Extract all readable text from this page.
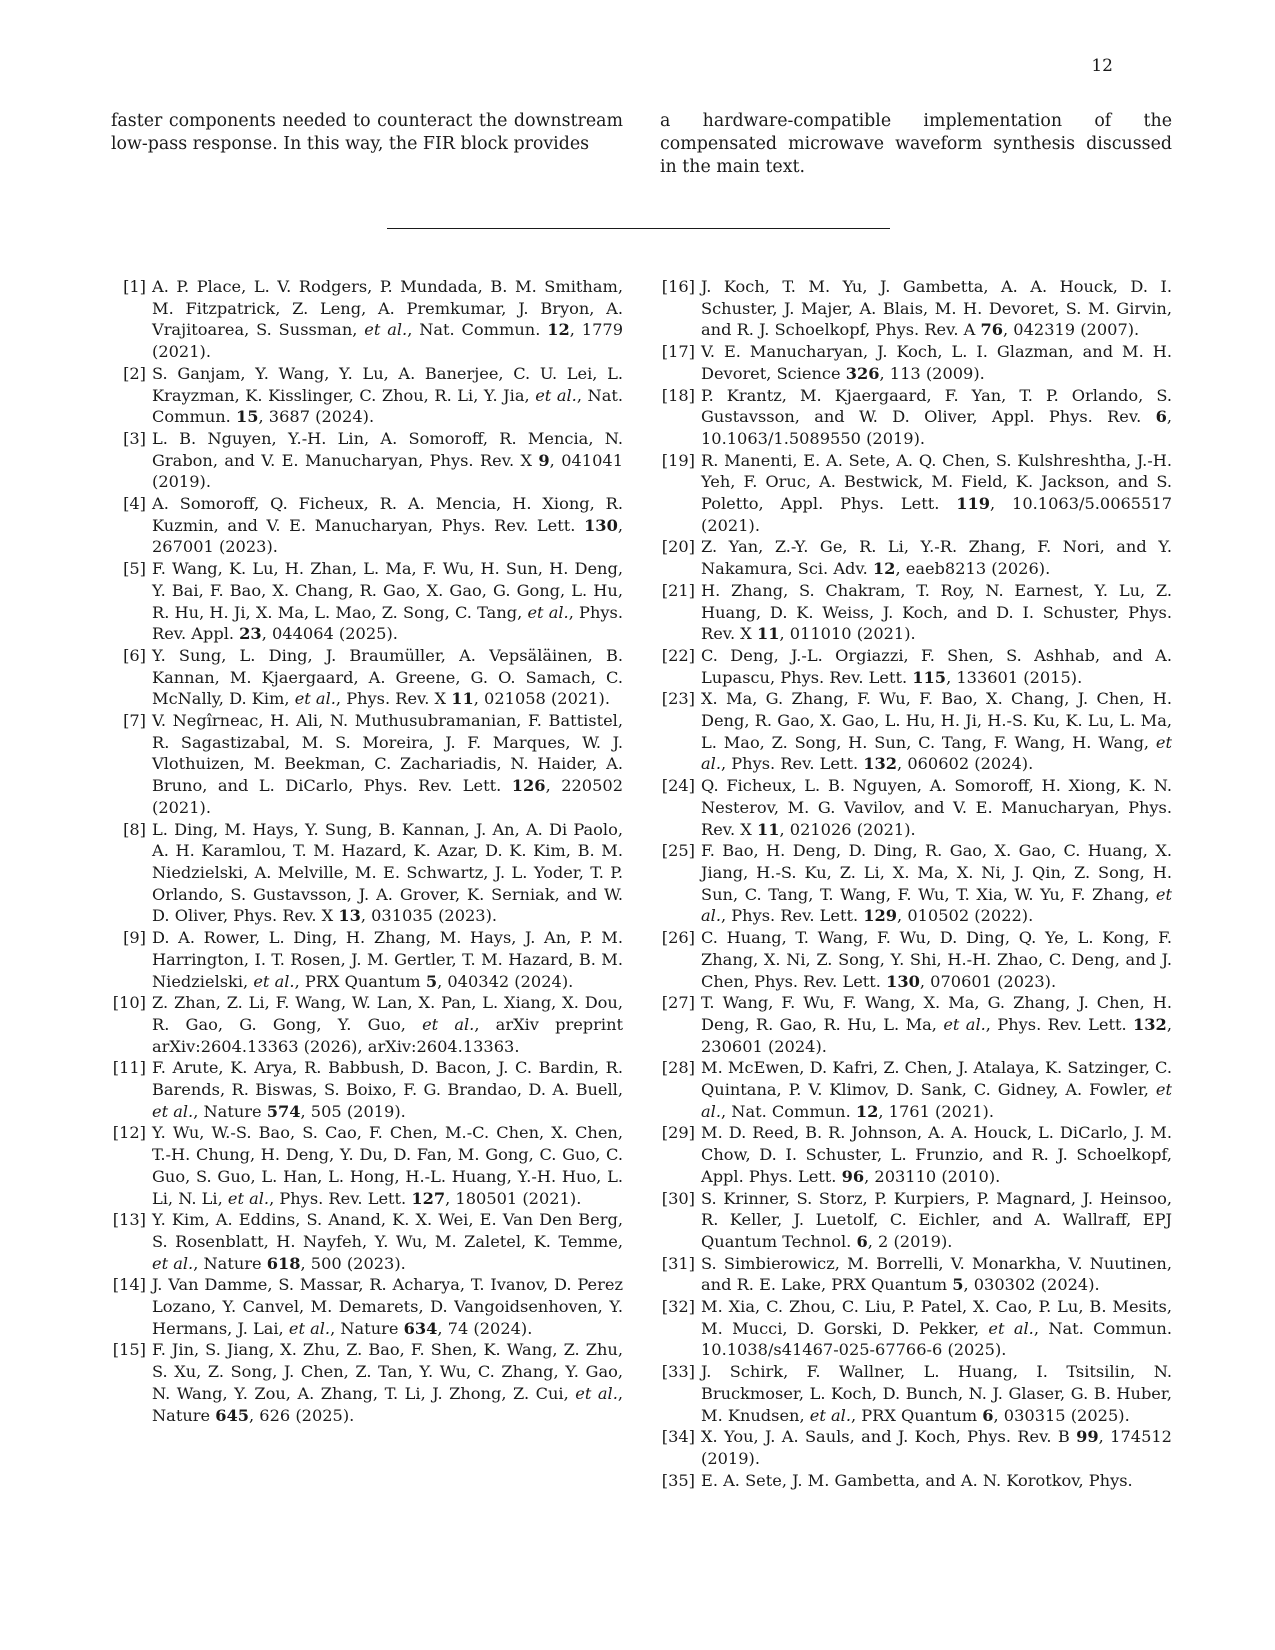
12

faster components needed to counteract the downstream low-pass response. In this way, the FIR block provides

a hardware-compatible implementation of the compensated microwave waveform synthesis discussed in the main text.

[1] A. P. Place, L. V. Rodgers, P. Mundada, B. M. Smitham, M. Fitzpatrick, Z. Leng, A. Premkumar, J. Bryon, A. Vrajitoarea, S. Sussman, et al., Nat. Commun. 12, 1779 (2021).
[2] S. Ganjam, Y. Wang, Y. Lu, A. Banerjee, C. U. Lei, L. Krayzman, K. Kisslinger, C. Zhou, R. Li, Y. Jia, et al., Nat. Commun. 15, 3687 (2024).
[3] L. B. Nguyen, Y.-H. Lin, A. Somoroff, R. Mencia, N. Grabon, and V. E. Manucharyan, Phys. Rev. X 9, 041041 (2019).
[4] A. Somoroff, Q. Ficheux, R. A. Mencia, H. Xiong, R. Kuzmin, and V. E. Manucharyan, Phys. Rev. Lett. 130, 267001 (2023).
[5] F. Wang, K. Lu, H. Zhan, L. Ma, F. Wu, H. Sun, H. Deng, Y. Bai, F. Bao, X. Chang, R. Gao, X. Gao, G. Gong, L. Hu, R. Hu, H. Ji, X. Ma, L. Mao, Z. Song, C. Tang, et al., Phys. Rev. Appl. 23, 044064 (2025).
[6] Y. Sung, L. Ding, J. Braumüller, A. Vepsäläinen, B. Kannan, M. Kjaergaard, A. Greene, G. O. Samach, C. McNally, D. Kim, et al., Phys. Rev. X 11, 021058 (2021).
[7] V. Negîrneac, H. Ali, N. Muthusubramanian, F. Battistel, R. Sagastizabal, M. S. Moreira, J. F. Marques, W. J. Vlothuizen, M. Beekman, C. Zachariadis, N. Haider, A. Bruno, and L. DiCarlo, Phys. Rev. Lett. 126, 220502 (2021).
[8] L. Ding, M. Hays, Y. Sung, B. Kannan, J. An, A. Di Paolo, A. H. Karamlou, T. M. Hazard, K. Azar, D. K. Kim, B. M. Niedzielski, A. Melville, M. E. Schwartz, J. L. Yoder, T. P. Orlando, S. Gustavsson, J. A. Grover, K. Serniak, and W. D. Oliver, Phys. Rev. X 13, 031035 (2023).
[9] D. A. Rower, L. Ding, H. Zhang, M. Hays, J. An, P. M. Harrington, I. T. Rosen, J. M. Gertler, T. M. Hazard, B. M. Niedzielski, et al., PRX Quantum 5, 040342 (2024).
[10] Z. Zhan, Z. Li, F. Wang, W. Lan, X. Pan, L. Xiang, X. Dou, R. Gao, G. Gong, Y. Guo, et al., arXiv preprint arXiv:2604.13363 (2026), arXiv:2604.13363.
[11] F. Arute, K. Arya, R. Babbush, D. Bacon, J. C. Bardin, R. Barends, R. Biswas, S. Boixo, F. G. Brandao, D. A. Buell, et al., Nature 574, 505 (2019).
[12] Y. Wu, W.-S. Bao, S. Cao, F. Chen, M.-C. Chen, X. Chen, T.-H. Chung, H. Deng, Y. Du, D. Fan, M. Gong, C. Guo, C. Guo, S. Guo, L. Han, L. Hong, H.-L. Huang, Y.-H. Huo, L. Li, N. Li, et al., Phys. Rev. Lett. 127, 180501 (2021).
[13] Y. Kim, A. Eddins, S. Anand, K. X. Wei, E. Van Den Berg, S. Rosenblatt, H. Nayfeh, Y. Wu, M. Zaletel, K. Temme, et al., Nature 618, 500 (2023).
[14] J. Van Damme, S. Massar, R. Acharya, T. Ivanov, D. Perez Lozano, Y. Canvel, M. Demarets, D. Vangoidsenhoven, Y. Hermans, J. Lai, et al., Nature 634, 74 (2024).
[15] F. Jin, S. Jiang, X. Zhu, Z. Bao, F. Shen, K. Wang, Z. Zhu, S. Xu, Z. Song, J. Chen, Z. Tan, Y. Wu, C. Zhang, Y. Gao, N. Wang, Y. Zou, A. Zhang, T. Li, J. Zhong, Z. Cui, et al., Nature 645, 626 (2025).
[16] J. Koch, T. M. Yu, J. Gambetta, A. A. Houck, D. I. Schuster, J. Majer, A. Blais, M. H. Devoret, S. M. Girvin, and R. J. Schoelkopf, Phys. Rev. A 76, 042319 (2007).
[17] V. E. Manucharyan, J. Koch, L. I. Glazman, and M. H. Devoret, Science 326, 113 (2009).
[18] P. Krantz, M. Kjaergaard, F. Yan, T. P. Orlando, S. Gustavsson, and W. D. Oliver, Appl. Phys. Rev. 6, 10.1063/1.5089550 (2019).
[19] R. Manenti, E. A. Sete, A. Q. Chen, S. Kulshreshtha, J.-H. Yeh, F. Oruc, A. Bestwick, M. Field, K. Jackson, and S. Poletto, Appl. Phys. Lett. 119, 10.1063/5.0065517 (2021).
[20] Z. Yan, Z.-Y. Ge, R. Li, Y.-R. Zhang, F. Nori, and Y. Nakamura, Sci. Adv. 12, eaeb8213 (2026).
[21] H. Zhang, S. Chakram, T. Roy, N. Earnest, Y. Lu, Z. Huang, D. K. Weiss, J. Koch, and D. I. Schuster, Phys. Rev. X 11, 011010 (2021).
[22] C. Deng, J.-L. Orgiazzi, F. Shen, S. Ashhab, and A. Lupascu, Phys. Rev. Lett. 115, 133601 (2015).
[23] X. Ma, G. Zhang, F. Wu, F. Bao, X. Chang, J. Chen, H. Deng, R. Gao, X. Gao, L. Hu, H. Ji, H.-S. Ku, K. Lu, L. Ma, L. Mao, Z. Song, H. Sun, C. Tang, F. Wang, H. Wang, et al., Phys. Rev. Lett. 132, 060602 (2024).
[24] Q. Ficheux, L. B. Nguyen, A. Somoroff, H. Xiong, K. N. Nesterov, M. G. Vavilov, and V. E. Manucharyan, Phys. Rev. X 11, 021026 (2021).
[25] F. Bao, H. Deng, D. Ding, R. Gao, X. Gao, C. Huang, X. Jiang, H.-S. Ku, Z. Li, X. Ma, X. Ni, J. Qin, Z. Song, H. Sun, C. Tang, T. Wang, F. Wu, T. Xia, W. Yu, F. Zhang, et al., Phys. Rev. Lett. 129, 010502 (2022).
[26] C. Huang, T. Wang, F. Wu, D. Ding, Q. Ye, L. Kong, F. Zhang, X. Ni, Z. Song, Y. Shi, H.-H. Zhao, C. Deng, and J. Chen, Phys. Rev. Lett. 130, 070601 (2023).
[27] T. Wang, F. Wu, F. Wang, X. Ma, G. Zhang, J. Chen, H. Deng, R. Gao, R. Hu, L. Ma, et al., Phys. Rev. Lett. 132, 230601 (2024).
[28] M. McEwen, D. Kafri, Z. Chen, J. Atalaya, K. Satzinger, C. Quintana, P. V. Klimov, D. Sank, C. Gidney, A. Fowler, et al., Nat. Commun. 12, 1761 (2021).
[29] M. D. Reed, B. R. Johnson, A. A. Houck, L. DiCarlo, J. M. Chow, D. I. Schuster, L. Frunzio, and R. J. Schoelkopf, Appl. Phys. Lett. 96, 203110 (2010).
[30] S. Krinner, S. Storz, P. Kurpiers, P. Magnard, J. Heinsoo, R. Keller, J. Luetolf, C. Eichler, and A. Wallraff, EPJ Quantum Technol. 6, 2 (2019).
[31] S. Simbierowicz, M. Borrelli, V. Monarkha, V. Nuutinen, and R. E. Lake, PRX Quantum 5, 030302 (2024).
[32] M. Xia, C. Zhou, C. Liu, P. Patel, X. Cao, P. Lu, B. Mesits, M. Mucci, D. Gorski, D. Pekker, et al., Nat. Commun. 10.1038/s41467-025-67766-6 (2025).
[33] J. Schirk, F. Wallner, L. Huang, I. Tsitsilin, N. Bruckmoser, L. Koch, D. Bunch, N. J. Glaser, G. B. Huber, M. Knudsen, et al., PRX Quantum 6, 030315 (2025).
[34] X. You, J. A. Sauls, and J. Koch, Phys. Rev. B 99, 174512 (2019).
[35] E. A. Sete, J. M. Gambetta, and A. N. Korotkov, Phys.
